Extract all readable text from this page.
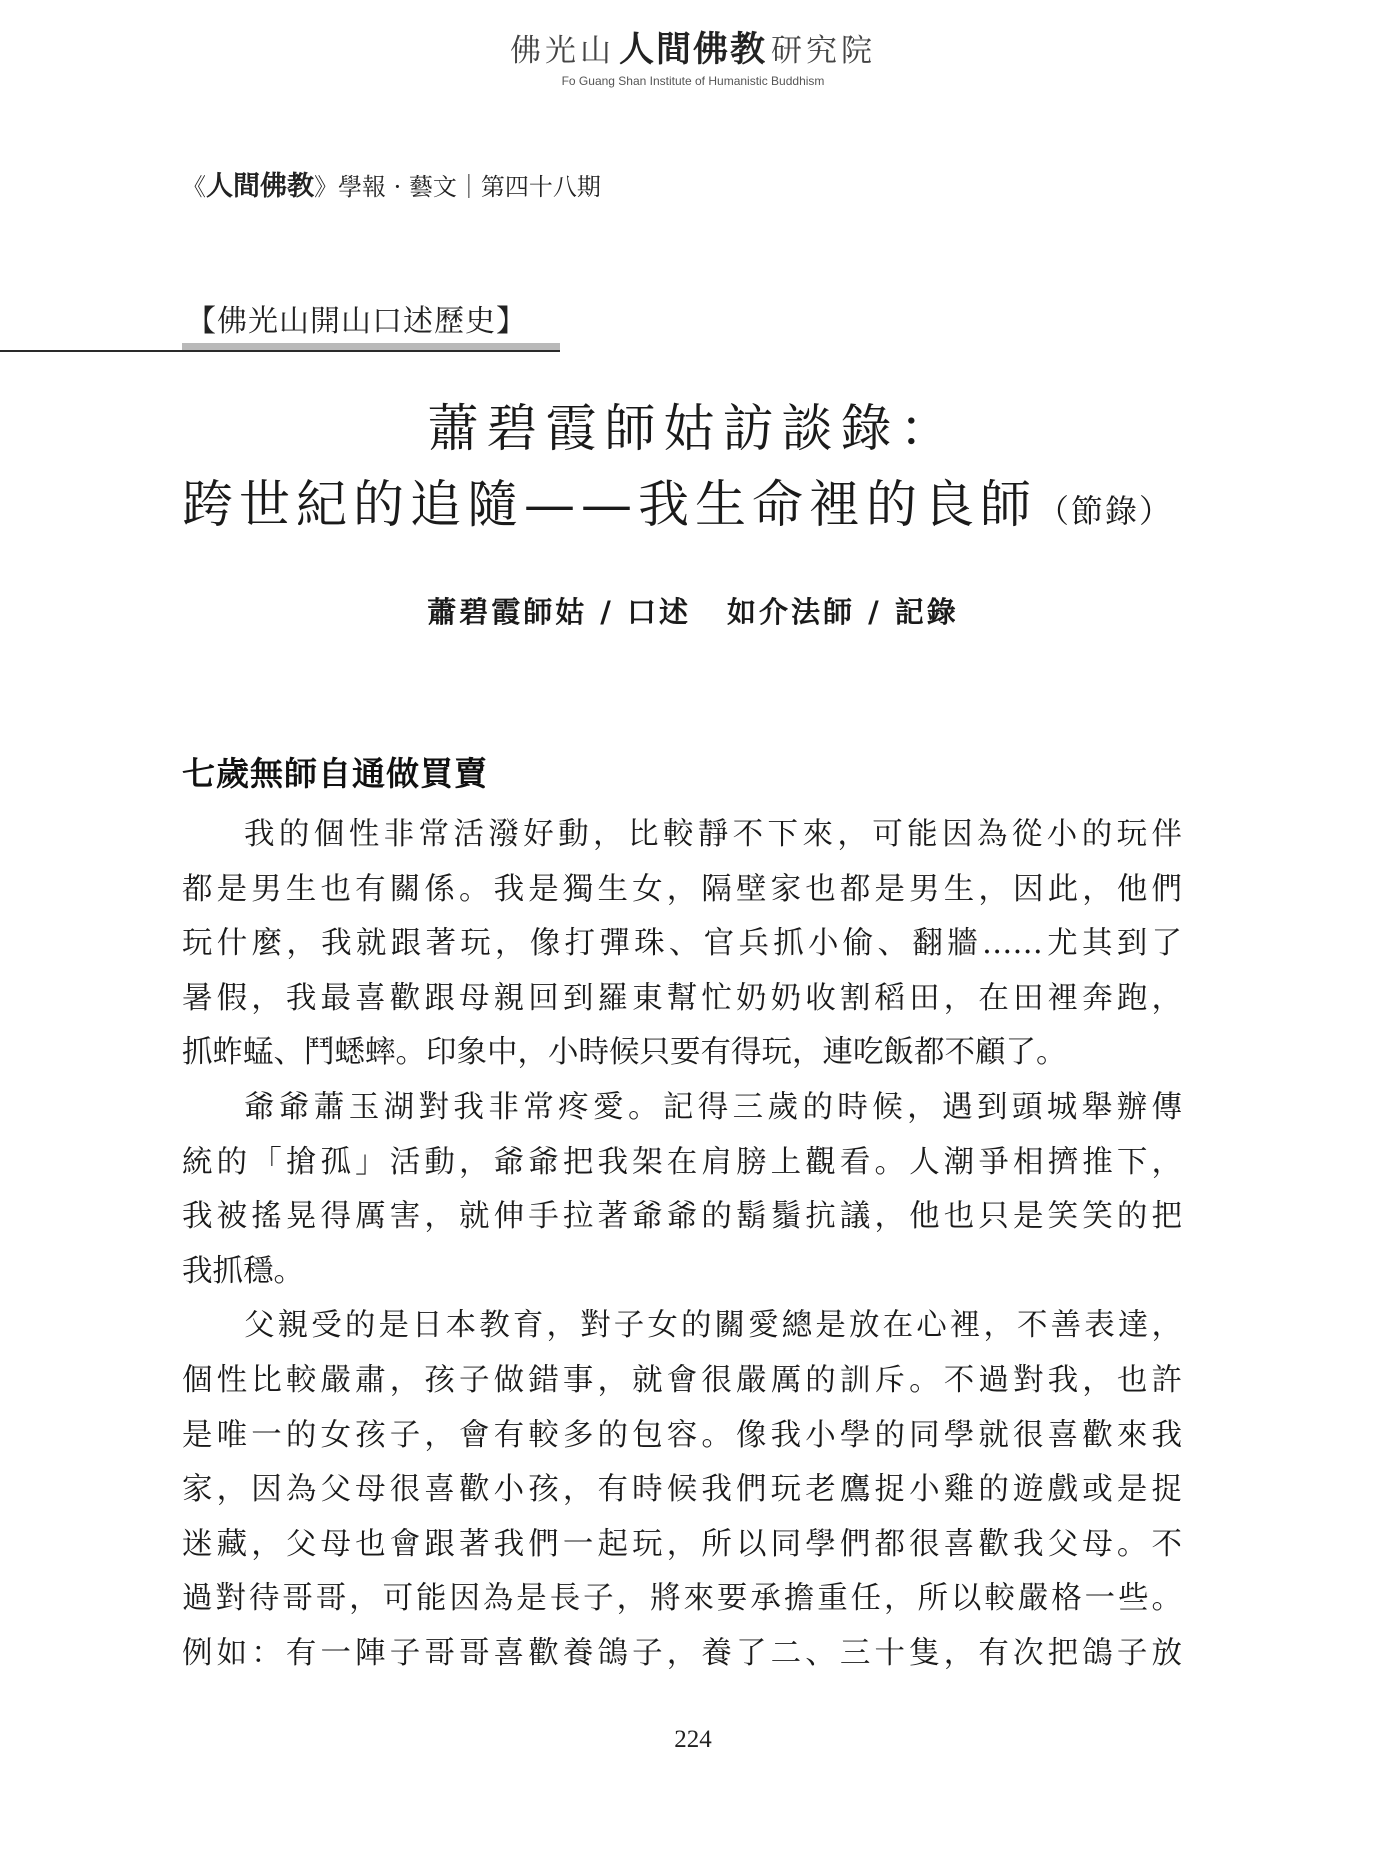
佛光山 人間佛教 研究院
Fo Guang Shan Institute of Humanistic Buddhism
《人間佛教》學報 · 藝文｜第四十八期
【佛光山開山口述歷史】
蕭碧霞師姑訪談錄：
跨世紀的追隨——我生命裡的良師（節錄）
蕭碧霞師姑 / 口述 如介法師 / 記錄
七歲無師自通做買賣
我的個性非常活潑好動，比較靜不下來，可能因為從小的玩伴
都是男生也有關係。我是獨生女，隔壁家也都是男生，因此，他們
玩什麼，我就跟著玩，像打彈珠、官兵抓小偷、翻牆……尤其到了
暑假，我最喜歡跟母親回到羅東幫忙奶奶收割稻田，在田裡奔跑，
抓蚱蜢、鬥蟋蟀。印象中，小時候只要有得玩，連吃飯都不顧了。
爺爺蕭玉湖對我非常疼愛。記得三歲的時候，遇到頭城舉辦傳
統的「搶孤」活動，爺爺把我架在肩膀上觀看。人潮爭相擠推下，
我被搖晃得厲害，就伸手拉著爺爺的鬍鬚抗議，他也只是笑笑的把
我抓穩。
父親受的是日本教育，對子女的關愛總是放在心裡，不善表達，
個性比較嚴肅，孩子做錯事，就會很嚴厲的訓斥。不過對我，也許
是唯一的女孩子，會有較多的包容。像我小學的同學就很喜歡來我
家，因為父母很喜歡小孩，有時候我們玩老鷹捉小雞的遊戲或是捉
迷藏，父母也會跟著我們一起玩，所以同學們都很喜歡我父母。不
過對待哥哥，可能因為是長子，將來要承擔重任，所以較嚴格一些。
例如：有一陣子哥哥喜歡養鴿子，養了二、三十隻，有次把鴿子放
224
